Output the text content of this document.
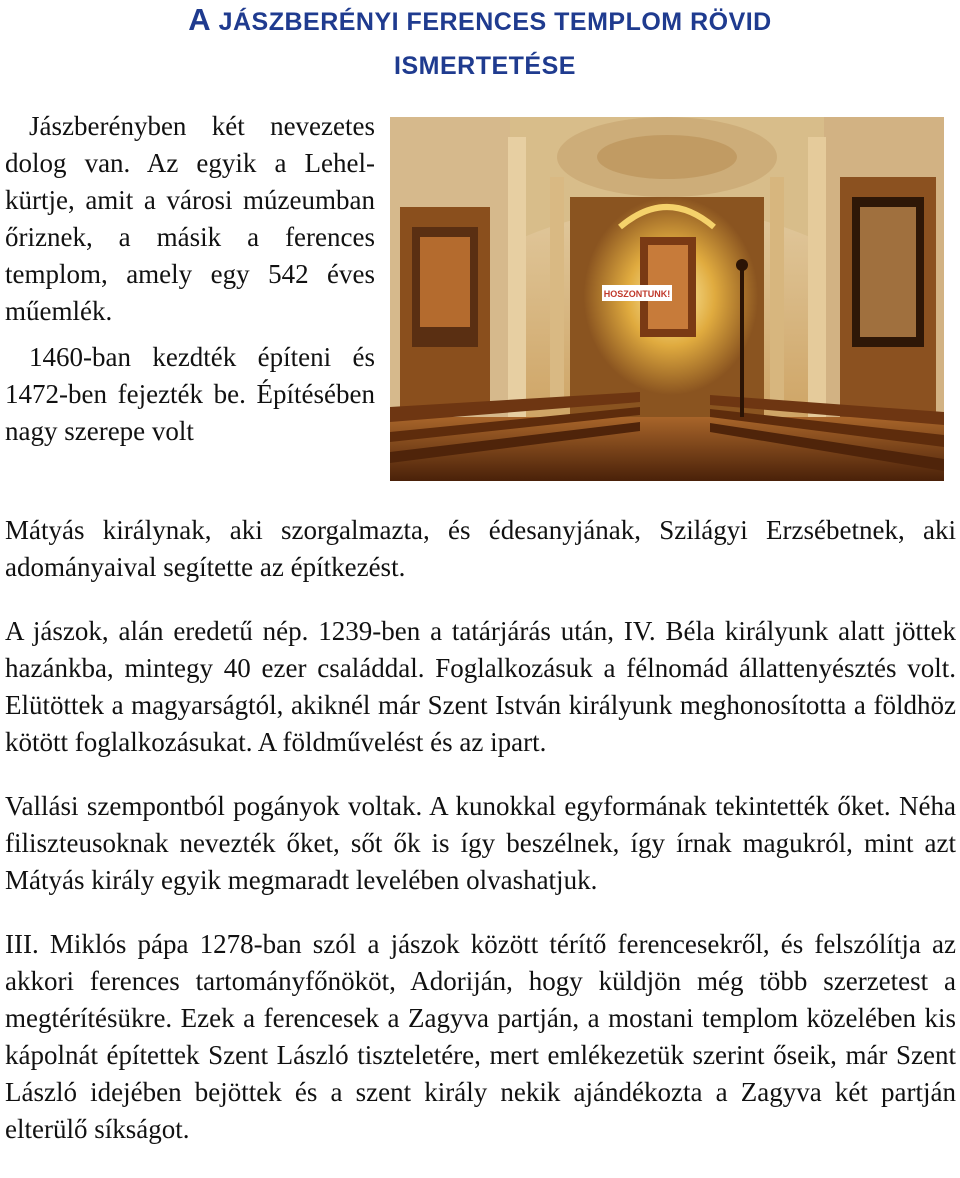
A JÁSZBERÉNYI FERENCES TEMPLOM RÖVID
ISMERTETÉSE

Jászberényben két nevezetes dolog van. Az egyik a Lehel-kürtje, amit a városi múzeumban őriznek, a másik a ferences templom, amely egy 542 éves műemlék.

1460-ban kezdték építeni és 1472-ben fejezték be. Építésében nagy szerepe volt

HOSZONTUNK!

Mátyás királynak, aki szorgalmazta, és édesanyjának, Szilágyi Erzsébetnek, aki adományaival segítette az építkezést.

A jászok, alán eredetű nép. 1239-ben a tatárjárás után, IV. Béla királyunk alatt jöttek hazánkba, mintegy 40 ezer családdal. Foglalkozásuk a félnomád állattenyésztés volt. Elütöttek a magyarságtól, akiknél már Szent István királyunk meghonosította a földhöz kötött foglalkozásukat. A földművelést és az ipart.

Vallási szempontból pogányok voltak. A kunokkal egyformának tekintették őket. Néha filiszteusoknak nevezték őket, sőt ők is így beszélnek, így írnak magukról, mint azt Mátyás király egyik megmaradt levelében olvashatjuk.

III. Miklós pápa 1278-ban szól a jászok között térítő ferencesekről, és felszólítja az akkori ferences tartományfőnököt, Adoriján, hogy küldjön még több szerzetest a megtérítésükre. Ezek a ferencesek a Zagyva partján, a mostani templom közelében kis kápolnát építettek Szent László tiszteletére, mert emlékezetük szerint őseik, már Szent László idejében bejöttek és a szent király nekik ajándékozta a Zagyva két partján elterülő síkságot.
